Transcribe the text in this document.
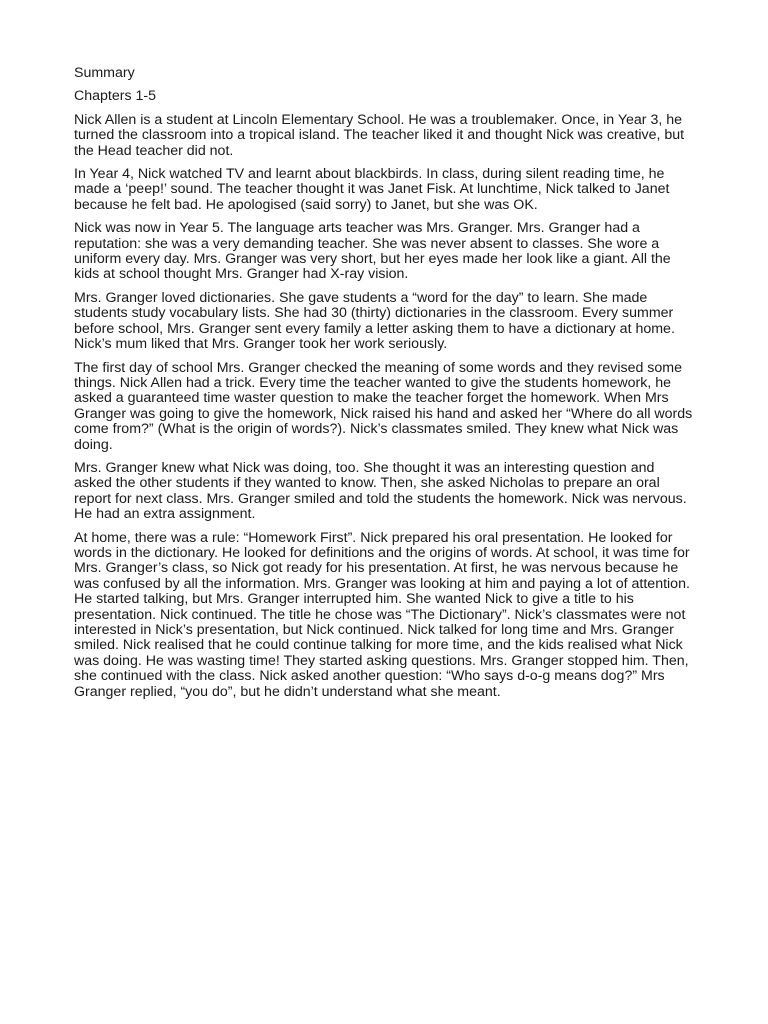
Summary

Chapters 1-5

Nick Allen is a student at Lincoln Elementary School. He was a troublemaker. Once, in Year 3, he turned the classroom into a tropical island. The teacher liked it and thought Nick was creative, but the Head teacher did not.

In Year 4, Nick watched TV and learnt about blackbirds. In class, during silent reading time, he made a ‘peep!’ sound. The teacher thought it was Janet Fisk. At lunchtime, Nick talked to Janet because he felt bad. He apologised (said sorry) to Janet, but she was OK.

Nick was now in Year 5. The language arts teacher was Mrs. Granger. Mrs. Granger had a reputation: she was a very demanding teacher. She was never absent to classes. She wore a uniform every day. Mrs. Granger was very short, but her eyes made her look like a giant. All the kids at school thought Mrs. Granger had X-ray vision.

Mrs. Granger loved dictionaries. She gave students a “word for the day” to learn. She made students study vocabulary lists. She had 30 (thirty) dictionaries in the classroom. Every summer before school, Mrs. Granger sent every family a letter asking them to have a dictionary at home. Nick’s mum liked that Mrs. Granger took her work seriously.

The first day of school Mrs. Granger checked the meaning of some words and they revised some things. Nick Allen had a trick. Every time the teacher wanted to give the students homework, he asked a guaranteed time waster question to make the teacher forget the homework. When Mrs Granger was going to give the homework, Nick raised his hand and asked her “Where do all words come from?” (What is the origin of words?). Nick’s classmates smiled. They knew what Nick was doing.

Mrs. Granger knew what Nick was doing, too. She thought it was an interesting question and asked the other students if they wanted to know. Then, she asked Nicholas to prepare an oral report for next class. Mrs. Granger smiled and told the students the homework. Nick was nervous. He had an extra assignment.

At home, there was a rule: “Homework First”. Nick prepared his oral presentation. He looked for words in the dictionary. He looked for definitions and the origins of words. At school, it was time for Mrs. Granger’s class, so Nick got ready for his presentation. At first, he was nervous because he was confused by all the information. Mrs. Granger was looking at him and paying a lot of attention. He started talking, but Mrs. Granger interrupted him. She wanted Nick to give a title to his presentation. Nick continued. The title he chose was “The Dictionary”. Nick’s classmates were not interested in Nick’s presentation, but Nick continued. Nick talked for long time and Mrs. Granger smiled. Nick realised that he could continue talking for more time, and the kids realised what Nick was doing. He was wasting time! They started asking questions. Mrs. Granger stopped him. Then, she continued with the class. Nick asked another question: “Who says d-o-g means dog?” Mrs Granger replied, “you do”, but he didn’t understand what she meant.
